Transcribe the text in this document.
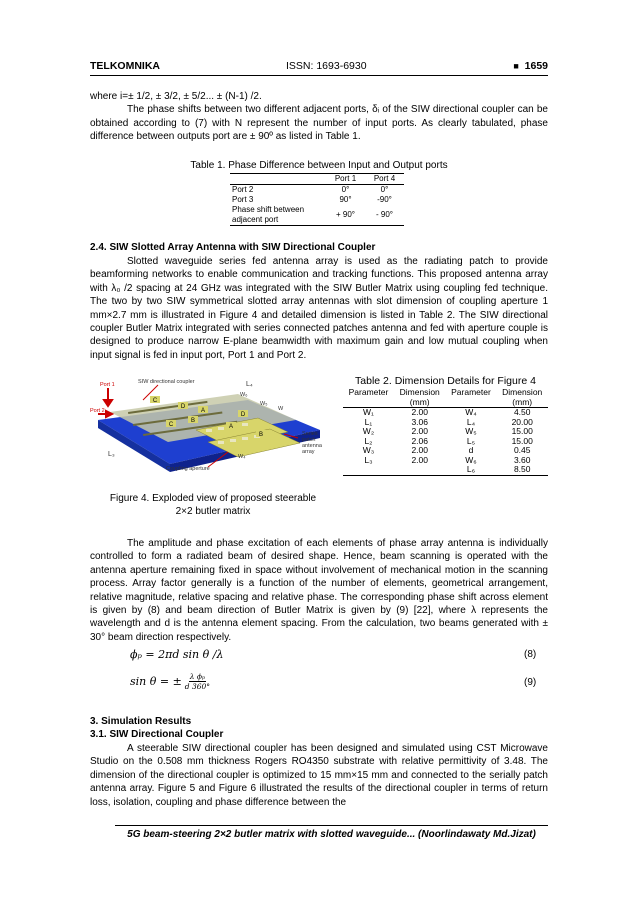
TELKOMNIKA	ISSN: 1693-6930	■ 1659

where i=± 1/2, ± 3/2, ± 5/2... ± (N-1) /2.

The phase shifts between two different adjacent ports, δᵢ of the SIW directional coupler can be obtained according to (7) with N represent the number of input ports. As clearly tabulated, phase difference between outputs port are ± 90º as listed in Table 1.

Table 1. Phase Difference between Input and Output ports
	Port 1	Port 4
Port 2	0°	0°
Port 3	90°	-90°
Phase shift between adjacent port	+ 90°	- 90°
2.4. SIW Slotted Array Antenna with SIW Directional Coupler

Slotted waveguide series fed antenna array is used as the radiating patch to provide beamforming networks to enable communication and tracking functions. This proposed antenna array with λ₀ /2 spacing at 24 GHz was integrated with the SIW Butler Matrix using coupling fed technique. The two by two SIW symmetrical slotted array antennas with slot dimension of coupling aperture 1 mm×2.7 mm is illustrated in Figure 4 and detailed dimension is listed in Table 2. The SIW directional coupler Butler Matrix integrated with series connected patches antenna and fed with aperture couple is designed to produce narrow E-plane beamwidth with maximum gain and low mutual coupling when input signal is fed in input port, Port 1 and Port 2.

C
D
A
B
C
D
A
B
Port 1
Port 2
SIW directional coupler	L₄
W₆
W₅
W
Series
patch
antenna
array
L₃
Coupling aperture
W₄
Figure 4. Exploded view of proposed steerable
2×2 butler matrix
Table 2. Dimension Details for Figure 4
Parameter	Dimension	Parameter	Dimension
	(mm)		(mm)
W₁	2.00	W₄	4.50
L₁	3.06	L₄	20.00
W₂	2.00	W₅	15.00
L₂	2.06	L₅	15.00
W₃	2.00	d	0.45
L₃	2.00	W₆	3.60
		L₆	8.50

The amplitude and phase excitation of each elements of phase array antenna is individually controlled to form a radiated beam of desired shape. Hence, beam scanning is operated with the antenna aperture remaining fixed in space without involvement of mechanical motion in the scanning process. Array factor generally is a function of the number of elements, geometrical arrangement, relative magnitude, relative spacing and relative phase. The corresponding phase shift across element is given by (8) and beam direction of Butler Matrix is given by (9) [22], where λ represents the wavelength and d is the antenna element spacing. From the calculation, two beams generated with ± 30° beam direction respectively.

ϕₚ = 2πd sin θ /λ	(8)
sin θ = ± $\frac{\text{λ ϕₚ}}{d 360^\circ}$	(9)
3. Simulation Results
3.1. SIW Directional Coupler

A steerable SIW directional coupler has been designed and simulated using CST Microwave Studio on the 0.508 mm thickness Rogers RO4350 substrate with relative permittivity of 3.48. The dimension of the directional coupler is optimized to 15 mm×15 mm and connected to the serially patch antenna array. Figure 5 and Figure 6 illustrated the results of the directional coupler in terms of return loss, isolation, coupling and phase difference between the

5G beam-steering 2×2 butler matrix with slotted waveguide... (Noorlindawaty Md.Jizat)
